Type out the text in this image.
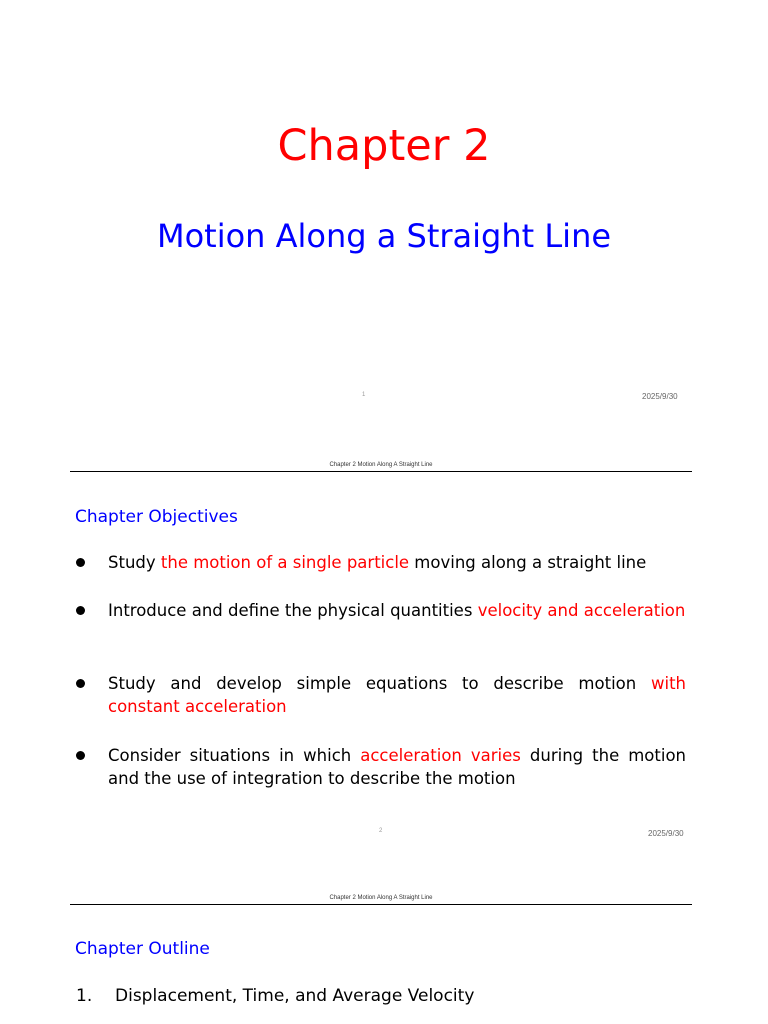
Chapter 2
Motion Along a Straight Line
1	2025/9/30
Chapter 2 Motion Along A Straight Line
Chapter Objectives
Study the motion of a single particle moving along a straight line
Introduce and define the physical quantities velocity and acceleration
Study and develop simple equations to describe motion with constant acceleration
Consider situations in which acceleration varies during the motion and the use of integration to describe the motion
2	2025/9/30
Chapter 2 Motion Along A Straight Line
Chapter Outline
1. Displacement, Time, and Average Velocity
